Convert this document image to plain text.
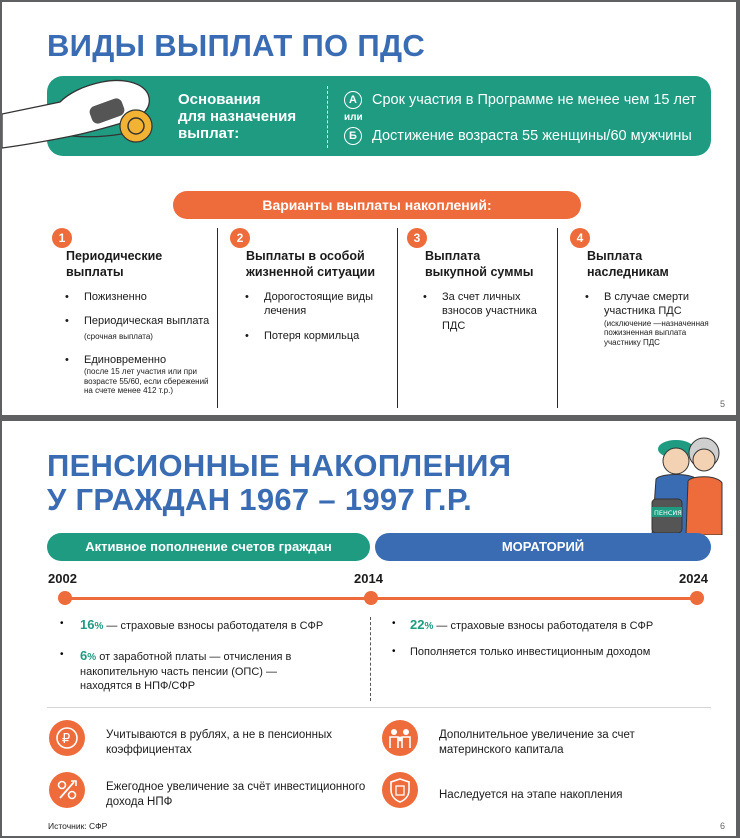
ВИДЫ ВЫПЛАТ ПО ПДС
Основания
для назначения
выплат:
А	Срок участия в Программе не менее чем 15 лет
или
Б	Достижение возраста 55 женщины/60 мужчины
Варианты выплаты накоплений:
1
Периодические
выплаты
• Пожизненно
• Периодическая выплата (срочная выплата)
• Единовременно
(после 15 лет участия или при возрасте 55/60, если сбережений на счете менее 412 т.р.)
2
Выплаты в особой
жизненной ситуации
• Дорогостоящие виды лечения
• Потеря кормильца
3
Выплата
выкупной суммы
• За счет личных взносов участника ПДС
4
Выплата
наследникам
• В случае смерти участника ПДС
(исключение —назначенная пожизненная выплата участнику ПДС
5
ПЕНСИОННЫЕ НАКОПЛЕНИЯ
У ГРАЖДАН 1967 – 1997 Г.Р.	ПЕНСИЯ
Активное пополнение счетов граждан	МОРАТОРИЙ
2002	2014	2024
• 16% — страховые взносы работодателя в СФР
• 6% от заработной платы — отчисления в накопительную часть пенсии (ОПС) — находятся в НПФ/СФР
• 22% — страховые взносы работодателя в СФР
• Пополняется только инвестиционным доходом
₽	Учитываются в рублях, а не в пенсионных коэффициентах
Дополнительное увеличение за счет материнского капитала
Ежегодное увеличение за счёт инвестиционного дохода НПФ
Наследуется на этапе накопления
Источник: СФР	6
